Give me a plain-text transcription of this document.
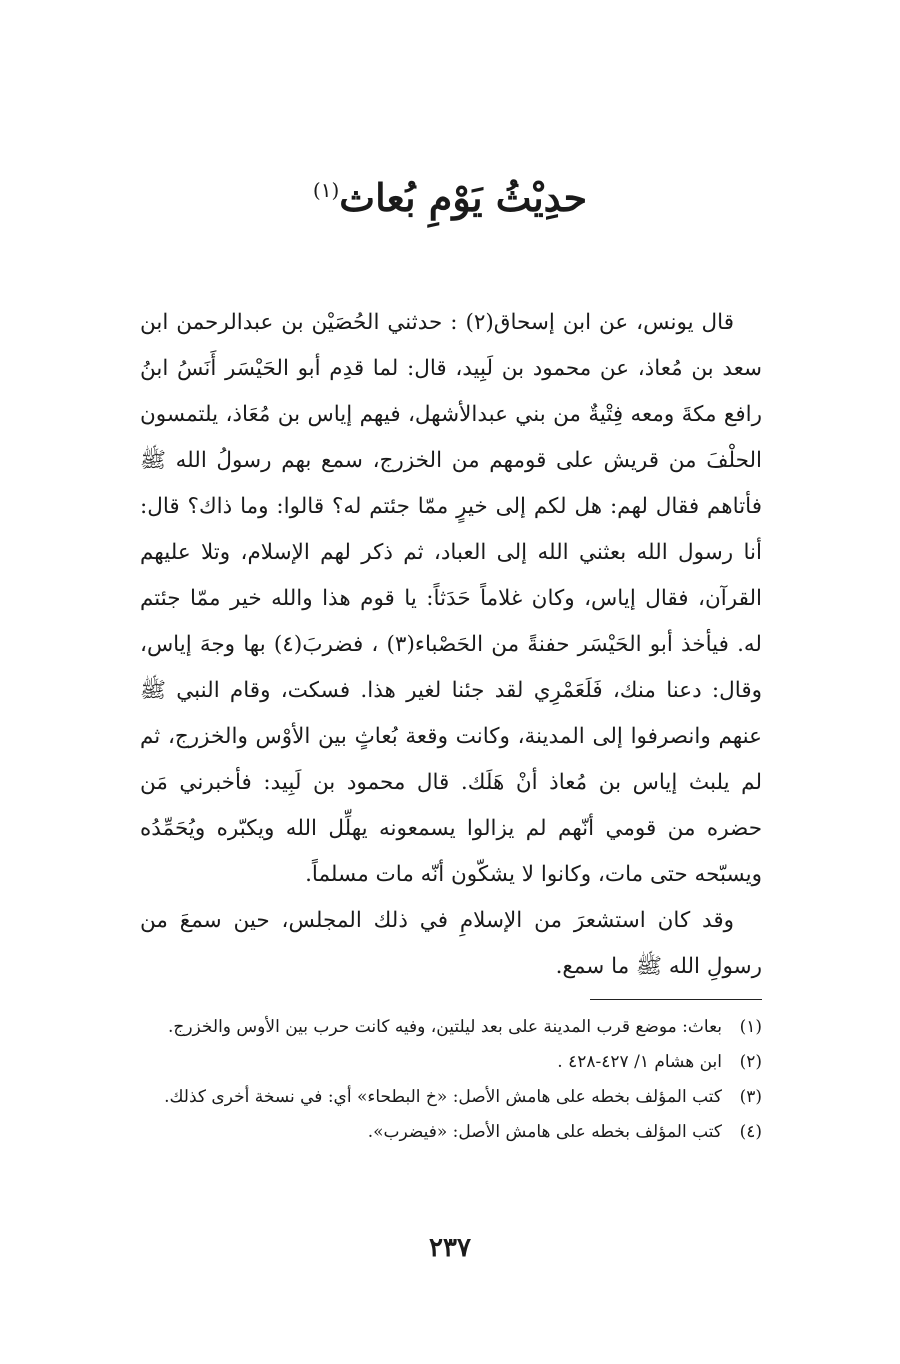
حدِيْثُ يَوْمِ بُعاث$^{(١)}$

قال يونس، عن ابن إسحاق(٢) : حدثني الحُصَيْن بن عبدالرحمن ابن سعد بن مُعاذ، عن محمود بن لَبِيد، قال: لما قدِم أبو الحَيْسَر أَنَسُ ابنُ رافع مكةَ ومعه فِتْيةٌ من بني عبدالأشهل، فيهم إياس بن مُعَاذ، يلتمسون الحلْفَ من قريش على قومهم من الخزرج، سمع بهم رسولُ الله ﷺ فأتاهم فقال لهم: هل لكم إلى خيرٍ ممّا جئتم له؟ قالوا: وما ذاك؟ قال: أنا رسول الله بعثني الله إلى العباد، ثم ذكر لهم الإسلام، وتلا عليهم القرآن، فقال إياس، وكان غلاماً حَدَثاً: يا قوم هذا والله خير ممّا جئتم له. فيأخذ أبو الحَيْسَر حفنةً من الحَصْباء(٣) ، فضربَ(٤) بها وجهَ إياس، وقال: دعنا منك، فَلَعَمْرِي لقد جئنا لغير هذا. فسكت، وقام النبي ﷺ عنهم وانصرفوا إلى المدينة، وكانت وقعة بُعاثٍ بين الأوْس والخزرج، ثم لم يلبث إياس بن مُعاذ أنْ هَلَك. قال محمود بن لَبِيد: فأخبرني مَن حضره من قومي أنّهم لم يزالوا يسمعونه يهلِّل الله ويكبّره ويُحَمِّدُه ويسبّحه حتى مات، وكانوا لا يشكّون أنّه مات مسلماً.

وقد كان استشعرَ من الإسلامِ في ذلك المجلس، حين سمعَ من رسولِ الله ﷺ ما سمع.

(١)
بعاث: موضع قرب المدينة على بعد ليلتين، وفيه كانت حرب بين الأوس والخزرج.
(٢)
ابن هشام ١/ ٤٢٧-٤٢٨ .
(٣)
كتب المؤلف بخطه على هامش الأصل: «خ البطحاء» أي: في نسخة أخرى كذلك.
(٤)
كتب المؤلف بخطه على هامش الأصل: «فيضرب».
٢٣٧
